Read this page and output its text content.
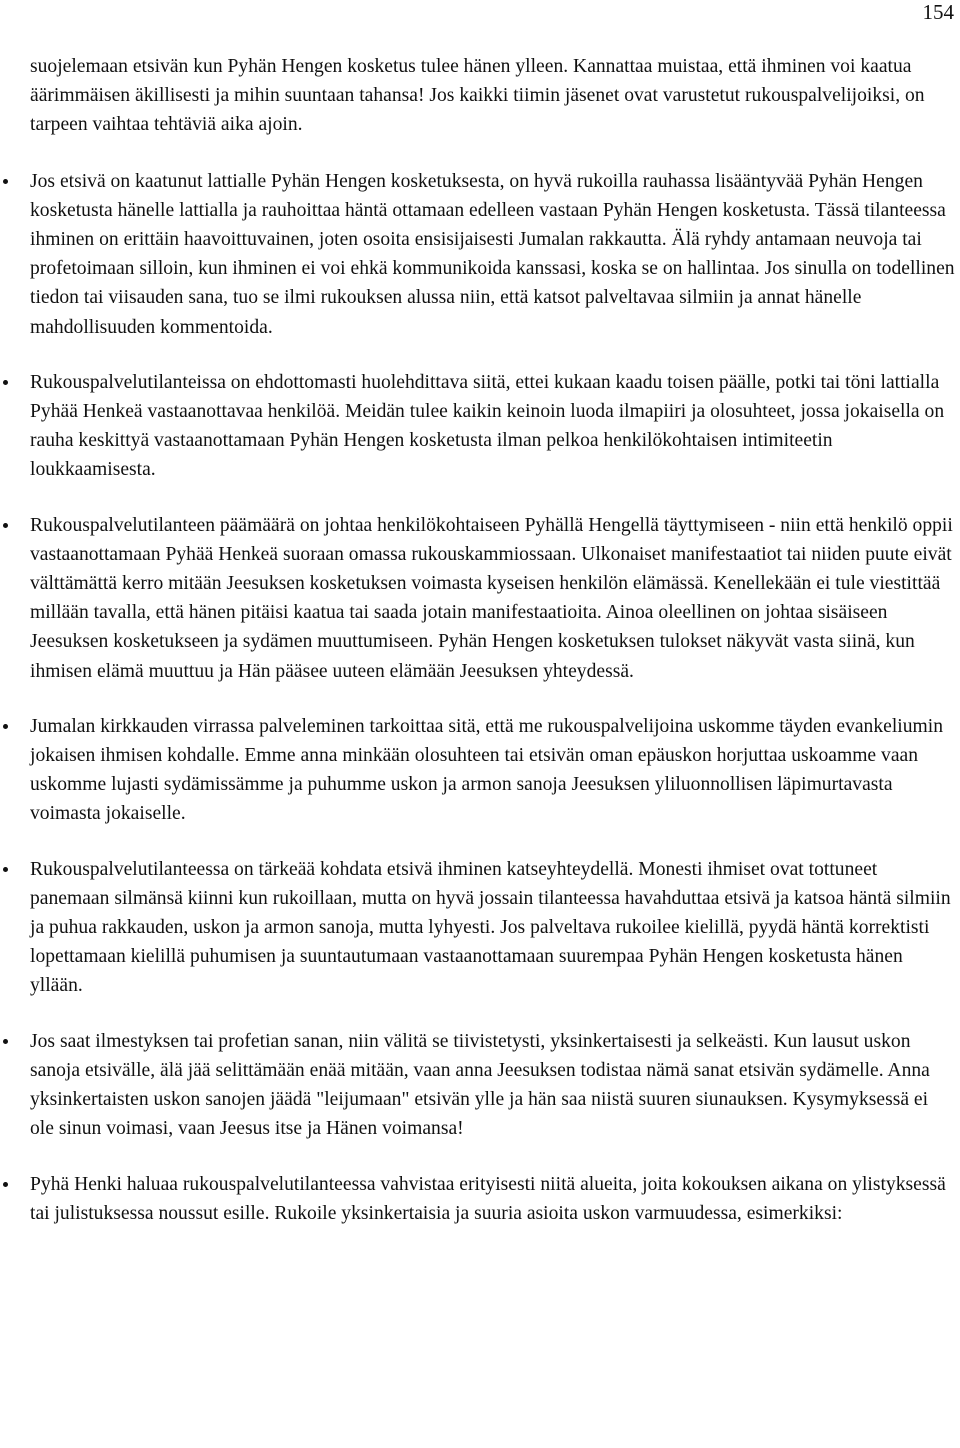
154

suojelemaan etsivän kun Pyhän Hengen kosketus tulee hänen ylleen. Kannattaa muistaa, että ihminen voi kaatua äärimmäisen äkillisesti ja mihin suuntaan tahansa! Jos kaikki tiimin jäsenet ovat varustetut rukouspalvelijoiksi, on tarpeen vaihtaa tehtäviä aika ajoin.

Jos etsivä on kaatunut lattialle Pyhän Hengen kosketuksesta, on hyvä rukoilla rauhassa lisääntyvää Pyhän Hengen kosketusta hänelle lattialla ja rauhoittaa häntä ottamaan edelleen vastaan Pyhän Hengen kosketusta. Tässä tilanteessa ihminen on erittäin haavoittuvainen, joten osoita ensisijaisesti Jumalan rakkautta. Älä ryhdy antamaan neuvoja tai profetoimaan silloin, kun ihminen ei voi ehkä kommunikoida kanssasi, koska se on hallintaa. Jos sinulla on todellinen tiedon tai viisauden sana, tuo se ilmi rukouksen alussa niin, että katsot palveltavaa silmiin ja annat hänelle mahdollisuuden kommentoida.
Rukouspalvelutilanteissa on ehdottomasti huolehdittava siitä, ettei kukaan kaadu toisen päälle, potki tai töni lattialla Pyhää Henkeä vastaanottavaa henkilöä. Meidän tulee kaikin keinoin luoda ilmapiiri ja olosuhteet, jossa jokaisella on rauha keskittyä vastaanottamaan Pyhän Hengen kosketusta ilman pelkoa henkilökohtaisen intimiteetin loukkaamisesta.
Rukouspalvelutilanteen päämäärä on johtaa henkilökohtaiseen Pyhällä Hengellä täyttymiseen - niin että henkilö oppii vastaanottamaan Pyhää Henkeä suoraan omassa rukouskammiossaan. Ulkonaiset manifestaatiot tai niiden puute eivät välttämättä kerro mitään Jeesuksen kosketuksen voimasta kyseisen henkilön elämässä. Kenellekään ei tule viestittää millään tavalla, että hänen pitäisi kaatua tai saada jotain manifestaatioita. Ainoa oleellinen on johtaa sisäiseen Jeesuksen kosketukseen ja sydämen muuttumiseen. Pyhän Hengen kosketuksen tulokset näkyvät vasta siinä, kun ihmisen elämä muuttuu ja Hän pääsee uuteen elämään Jeesuksen yhteydessä.
Jumalan kirkkauden virrassa palveleminen tarkoittaa sitä, että me rukouspalvelijoina uskomme täyden evankeliumin jokaisen ihmisen kohdalle. Emme anna minkään olosuhteen tai etsivän oman epäuskon horjuttaa uskoamme vaan uskomme lujasti sydämissämme ja puhumme uskon ja armon sanoja Jeesuksen yliluonnollisen läpimurtavasta voimasta jokaiselle.
Rukouspalvelutilanteessa on tärkeää kohdata etsivä ihminen katseyhteydellä. Monesti ihmiset ovat tottuneet panemaan silmänsä kiinni kun rukoillaan, mutta on hyvä jossain tilanteessa havahduttaa etsivä ja katsoa häntä silmiin ja puhua rakkauden, uskon ja armon sanoja, mutta lyhyesti. Jos palveltava rukoilee kielillä, pyydä häntä korrektisti lopettamaan kielillä puhumisen ja suuntautumaan vastaanottamaan suurempaa Pyhän Hengen kosketusta hänen yllään.
Jos saat ilmestyksen tai profetian sanan, niin välitä se tiivistetysti, yksinkertaisesti ja selkeästi. Kun lausut uskon sanoja etsivälle, älä jää selittämään enää mitään, vaan anna Jeesuksen todistaa nämä sanat etsivän sydämelle. Anna yksinkertaisten uskon sanojen jäädä "leijumaan" etsivän ylle ja hän saa niistä suuren siunauksen. Kysymyksessä ei ole sinun voimasi, vaan Jeesus itse ja Hänen voimansa!
Pyhä Henki haluaa rukouspalvelutilanteessa vahvistaa erityisesti niitä alueita, joita kokouksen aikana on ylistyksessä tai julistuksessa noussut esille. Rukoile yksinkertaisia ja suuria asioita uskon varmuudessa, esimerkiksi:
